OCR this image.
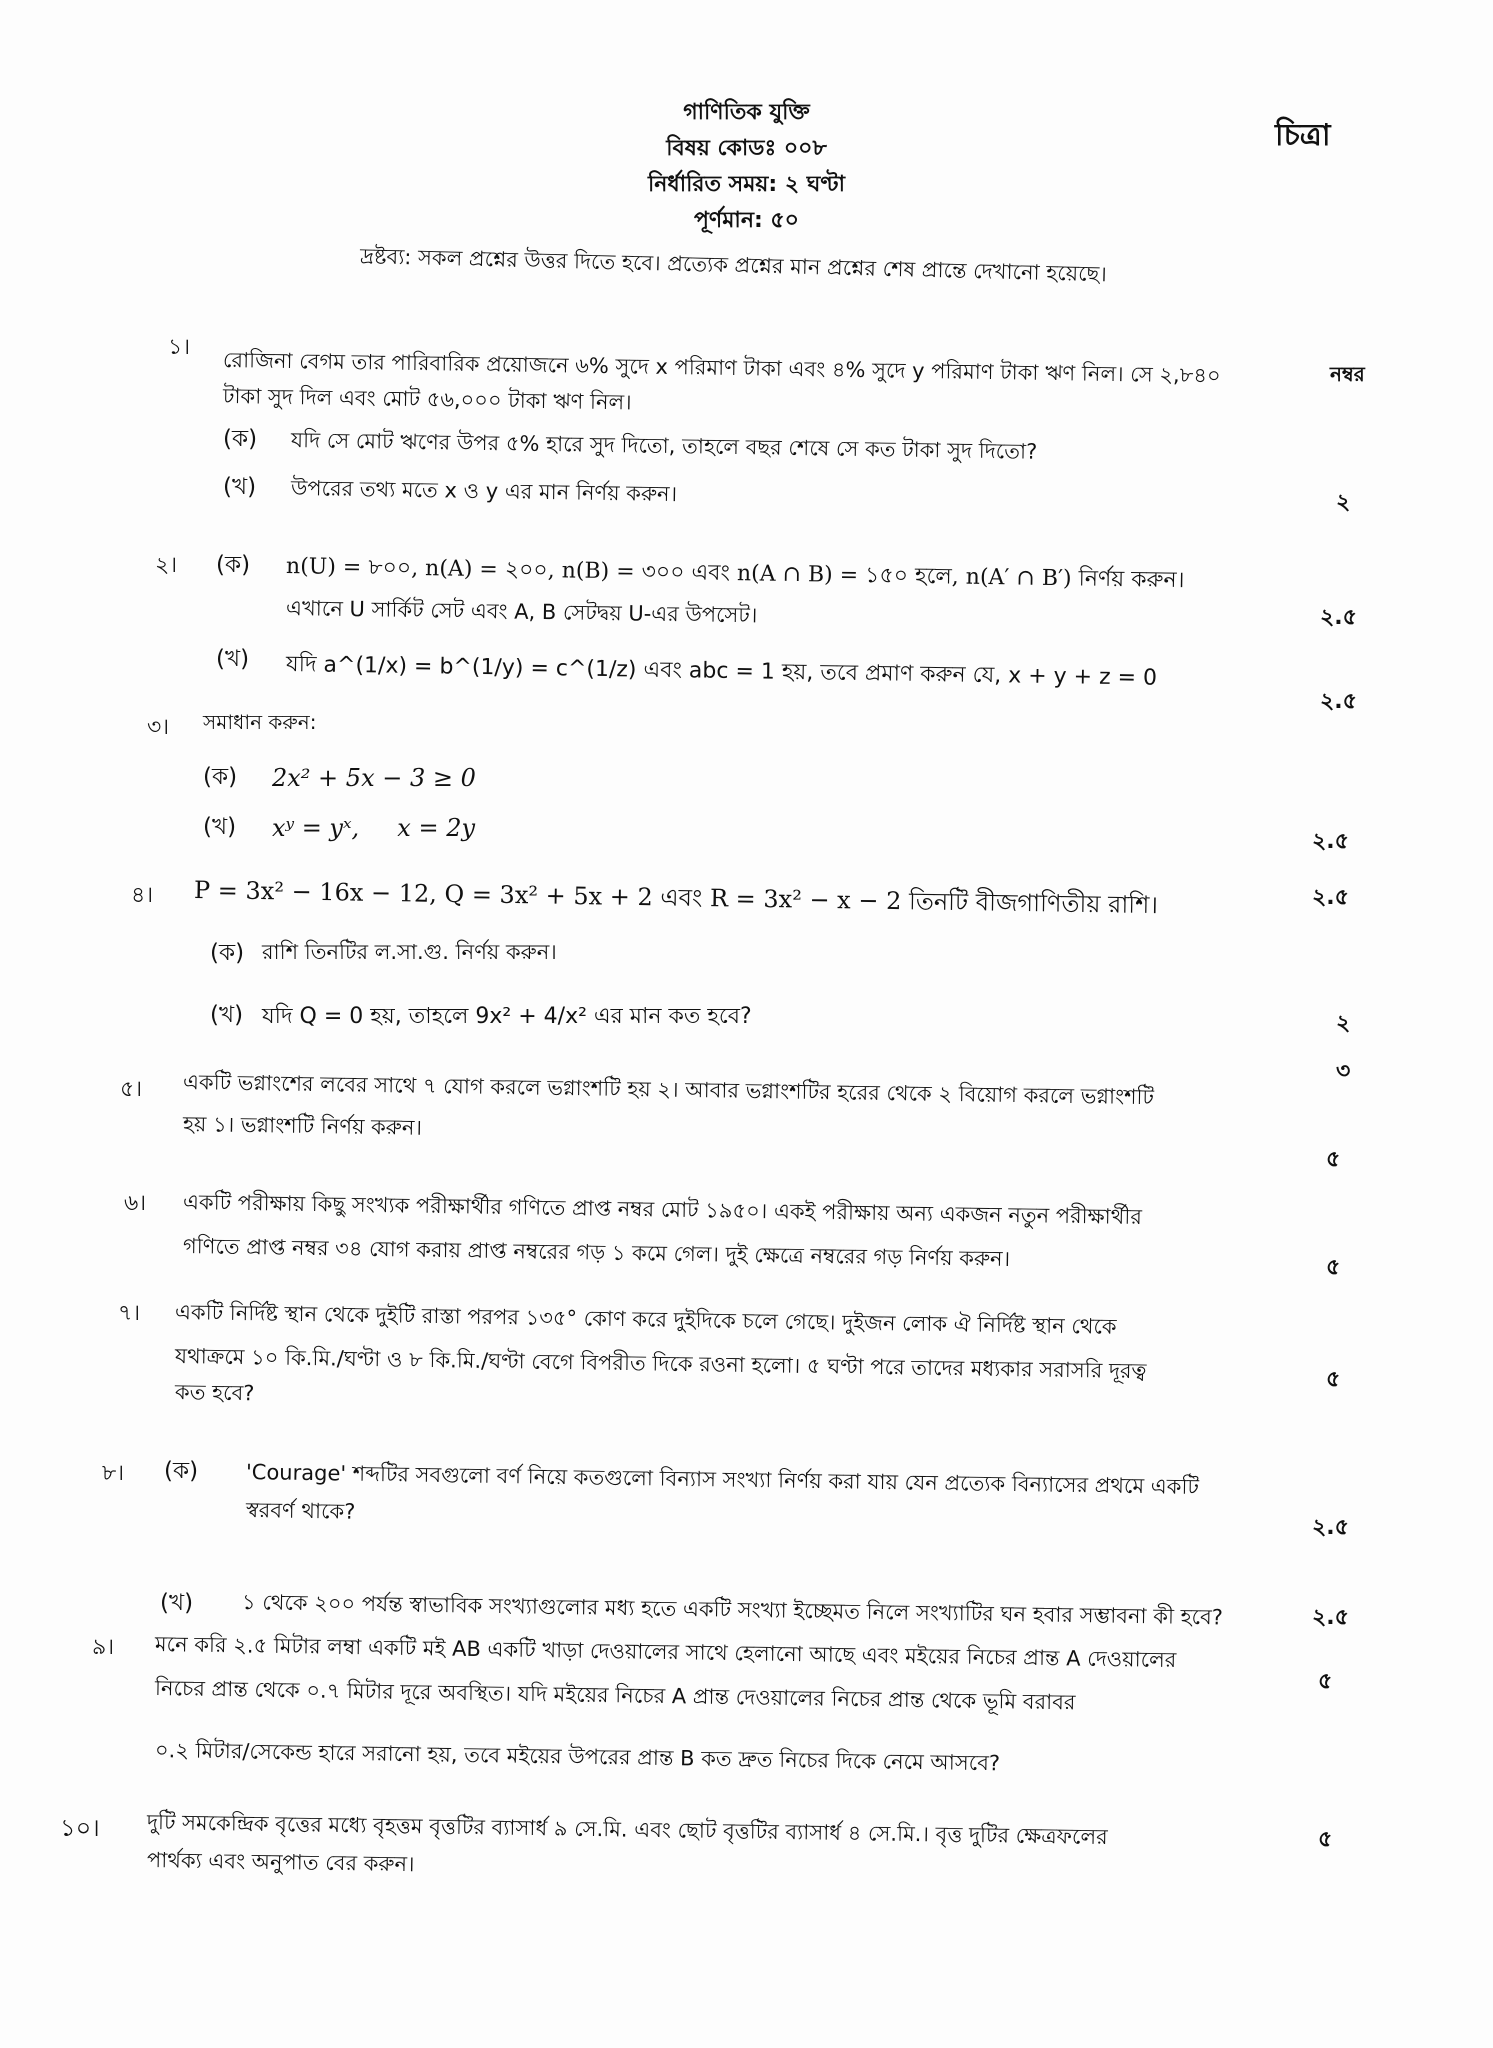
গাণিতিক যুক্তি
বিষয় কোডঃ ০০৮
নির্ধারিত সময়: ২ ঘণ্টা
পূর্ণমান: ৫০
চিত্রা
দ্রষ্টব্য: সকল প্রশ্নের উত্তর দিতে হবে। প্রত্যেক প্রশ্নের মান প্রশ্নের শেষ প্রান্তে দেখানো হয়েছে।
নম্বর
১।
রোজিনা বেগম তার পারিবারিক প্রয়োজনে ৬% সুদে x পরিমাণ টাকা এবং ৪% সুদে y পরিমাণ টাকা ঋণ নিল। সে ২,৮৪০
টাকা সুদ দিল এবং মোট ৫৬,০০০ টাকা ঋণ নিল।
(ক) যদি সে মোট ঋণের উপর ৫% হারে সুদ দিতো, তাহলে বছর শেষে সে কত টাকা সুদ দিতো?
(খ) উপরের তথ্য মতে x ও y এর মান নির্ণয় করুন।	২
২। (ক) n(U) = ৮০০, n(A) = ২০০, n(B) = ৩০০ এবং n(A ∩ B) = ১৫০ হলে, n(A′ ∩ B′) নির্ণয় করুন।
এখানে U সার্কিট সেট এবং A, B সেটদ্বয় U-এর উপসেট।	২.৫
(খ) যদি a^(1/x) = b^(1/y) = c^(1/z) এবং abc = 1 হয়, তবে প্রমাণ করুন যে, x + y + z = 0
২.৫
৩। সমাধান করুন:
(ক) 2x² + 5x − 3 ≥ 0
(খ) xʸ = yˣ,     x = 2y	২.৫
৪। P = 3x² − 16x − 12, Q = 3x² + 5x + 2 এবং R = 3x² − x − 2 তিনটি বীজগাণিতীয় রাশি।	২.৫
(ক) রাশি তিনটির ল.সা.গু. নির্ণয় করুন।
(খ) যদি Q = 0 হয়, তাহলে 9x² + 4/x² এর মান কত হবে?	২
৩
৫। একটি ভগ্নাংশের লবের সাথে ৭ যোগ করলে ভগ্নাংশটি হয় ২। আবার ভগ্নাংশটির হরের থেকে ২ বিয়োগ করলে ভগ্নাংশটি
হয় ১। ভগ্নাংশটি নির্ণয় করুন।
৫
৬। একটি পরীক্ষায় কিছু সংখ্যক পরীক্ষার্থীর গণিতে প্রাপ্ত নম্বর মোট ১৯৫০। একই পরীক্ষায় অন্য একজন নতুন পরীক্ষার্থীর
গণিতে প্রাপ্ত নম্বর ৩৪ যোগ করায় প্রাপ্ত নম্বরের গড় ১ কমে গেল। দুই ক্ষেত্রে নম্বরের গড় নির্ণয় করুন।	৫
৭। একটি নির্দিষ্ট স্থান থেকে দুইটি রাস্তা পরপর ১৩৫° কোণ করে দুইদিকে চলে গেছে। দুইজন লোক ঐ নির্দিষ্ট স্থান থেকে
যথাক্রমে ১০ কি.মি./ঘণ্টা ও ৮ কি.মি./ঘণ্টা বেগে বিপরীত দিকে রওনা হলো। ৫ ঘণ্টা পরে তাদের মধ্যকার সরাসরি দূরত্ব
কত হবে?
৫
৮। (ক) 'Courage' শব্দটির সবগুলো বর্ণ নিয়ে কতগুলো বিন্যাস সংখ্যা নির্ণয় করা যায় যেন প্রত্যেক বিন্যাসের প্রথমে একটি
স্বরবর্ণ থাকে?
২.৫
(খ) ১ থেকে ২০০ পর্যন্ত স্বাভাবিক সংখ্যাগুলোর মধ্য হতে একটি সংখ্যা ইচ্ছেমত নিলে সংখ্যাটির ঘন হবার সম্ভাবনা কী হবে?	২.৫
৯। মনে করি ২.৫ মিটার লম্বা একটি মই AB একটি খাড়া দেওয়ালের সাথে হেলানো আছে এবং মইয়ের নিচের প্রান্ত A দেওয়ালের
নিচের প্রান্ত থেকে ০.৭ মিটার দূরে অবস্থিত। যদি মইয়ের নিচের A প্রান্ত দেওয়ালের নিচের প্রান্ত থেকে ভূমি বরাবর
০.২ মিটার/সেকেন্ড হারে সরানো হয়, তবে মইয়ের উপরের প্রান্ত B কত দ্রুত নিচের দিকে নেমে আসবে?
৫
১০। দুটি সমকেন্দ্রিক বৃত্তের মধ্যে বৃহত্তম বৃত্তটির ব্যাসার্ধ ৯ সে.মি. এবং ছোট বৃত্তটির ব্যাসার্ধ ৪ সে.মি.। বৃত্ত দুটির ক্ষেত্রফলের
পার্থক্য এবং অনুপাত বের করুন।
৫
